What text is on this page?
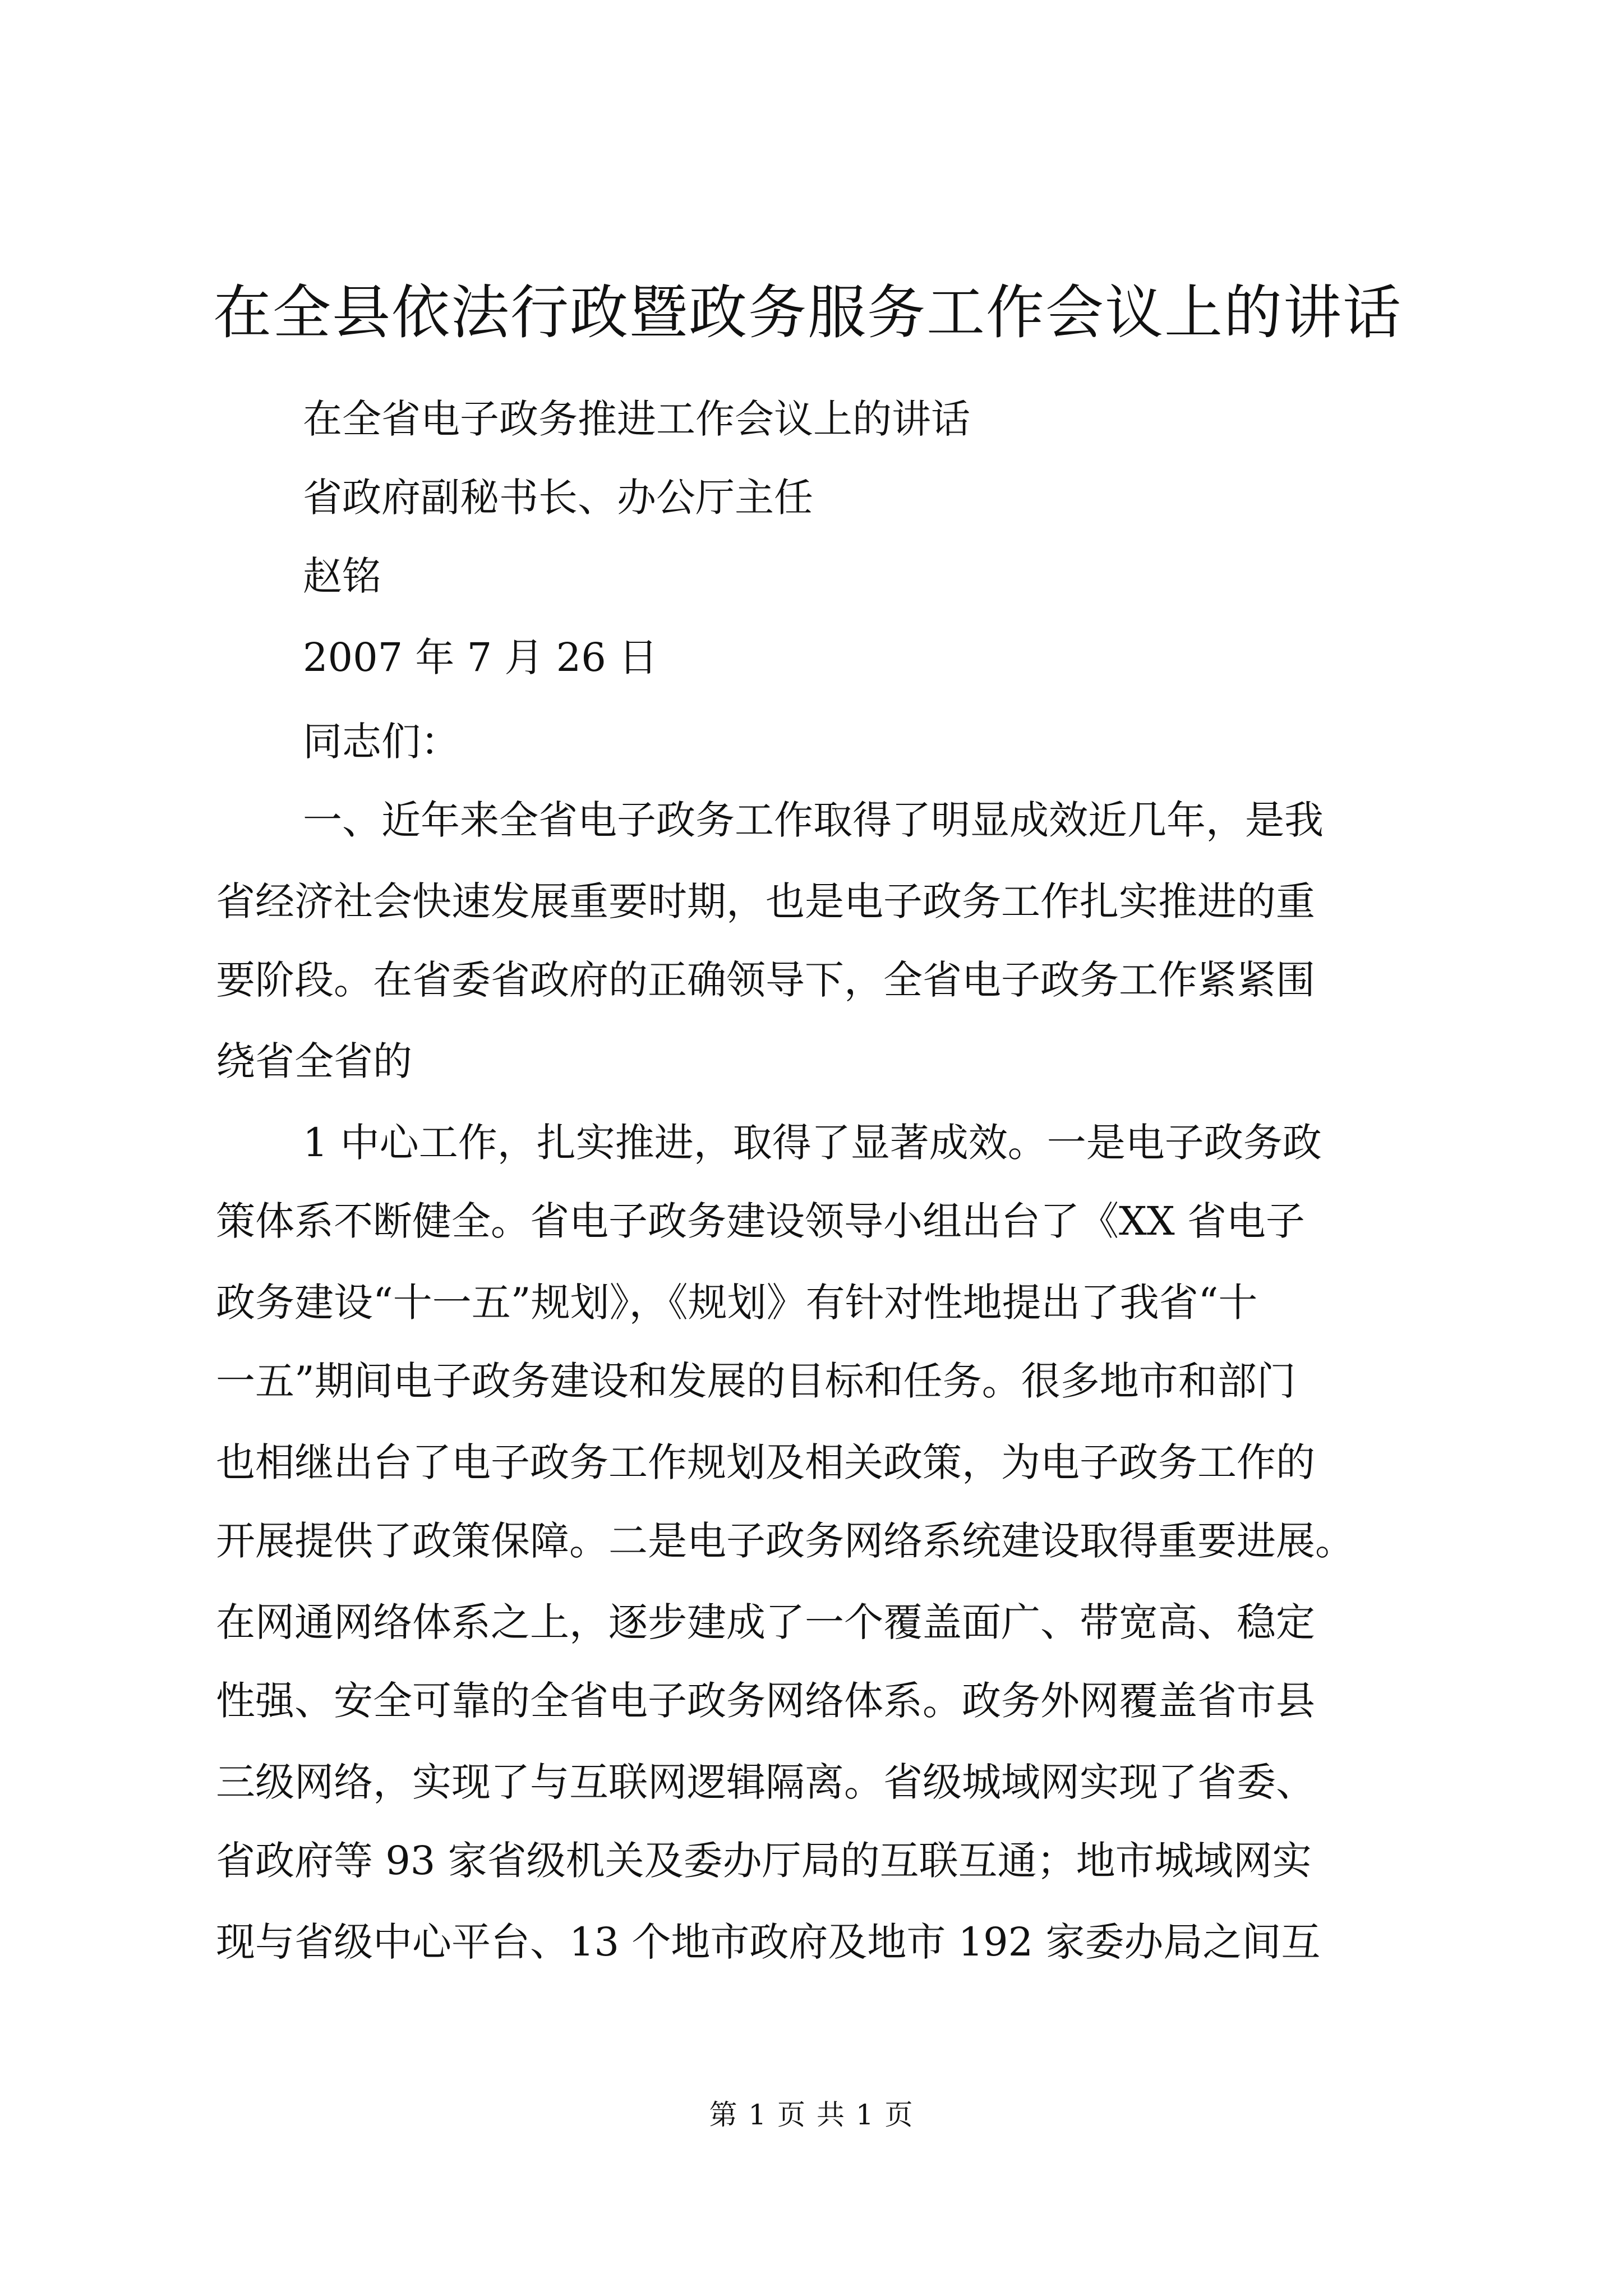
在全县依法行政暨政务服务工作会议上的讲话

在全省电子政务推进工作会议上的讲话

省政府副秘书长、办公厅主任

赵铭

2007 年 7 月 26 日

同志们：

一、近年来全省电子政务工作取得了明显成效近几年，是我

省经济社会快速发展重要时期，也是电子政务工作扎实推进的重

要阶段。在省委省政府的正确领导下，全省电子政务工作紧紧围

绕省全省的

1 中心工作，扎实推进，取得了显著成效。一是电子政务政

策体系不断健全。省电子政务建设领导小组出台了《XX 省电子

政务建设“十一五”规划》，《规划》有针对性地提出了我省“十

一五”期间电子政务建设和发展的目标和任务。很多地市和部门

也相继出台了电子政务工作规划及相关政策，为电子政务工作的

开展提供了政策保障。二是电子政务网络系统建设取得重要进展。

在网通网络体系之上，逐步建成了一个覆盖面广、带宽高、稳定

性强、安全可靠的全省电子政务网络体系。政务外网覆盖省市县

三级网络，实现了与互联网逻辑隔离。省级城域网实现了省委、

省政府等 93 家省级机关及委办厅局的互联互通；地市城域网实

现与省级中心平台、13 个地市政府及地市 192 家委办局之间互

第 1 页 共 1 页
